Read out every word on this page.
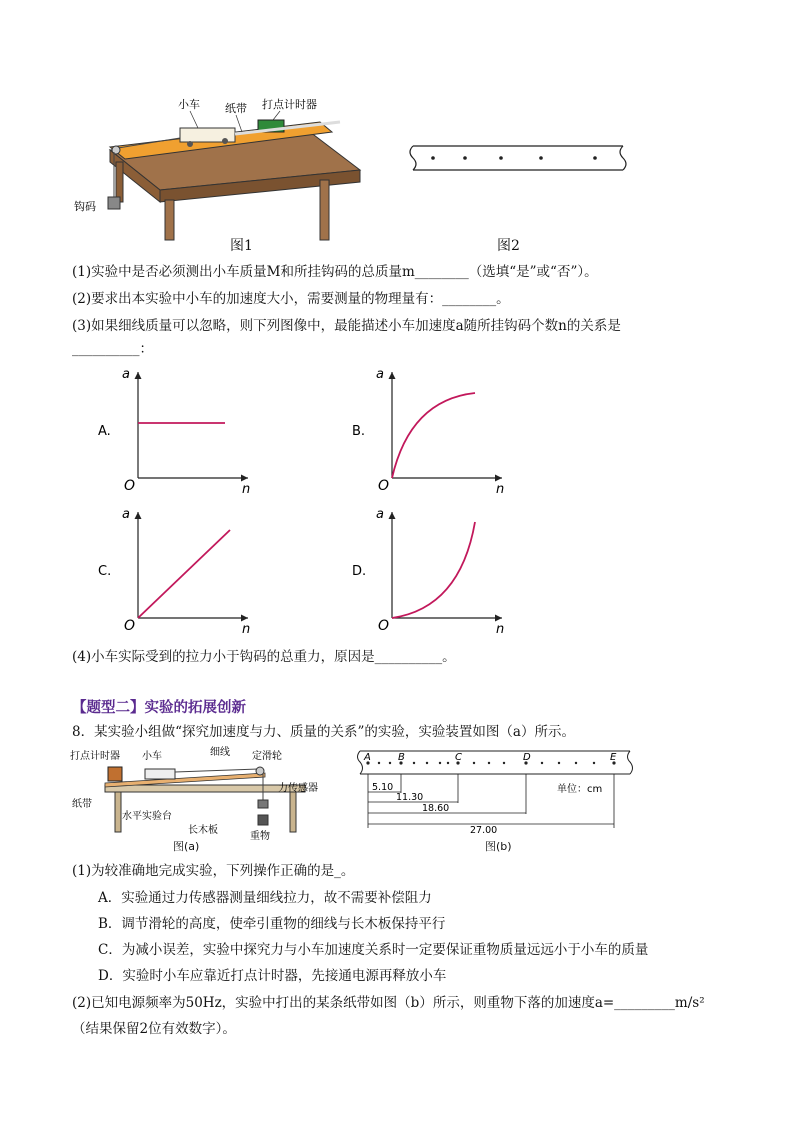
小车 纸带 打点计时器
钩码
图1	图2
(1)实验中是否必须测出小车质量M和所挂钩码的总质量m________（选填“是”或“否”）。
(2)要求出本实验中小车的加速度大小，需要测量的物理量有：________。
(3)如果细线质量可以忽略，则下列图像中，最能描述小车加速度a随所挂钩码个数n的关系是
__________：
A.
a
n
O
B.
a
n
O
C.
a
n
O
D.
a
n
O
(4)小车实际受到的拉力小于钩码的总重力，原因是__________。
【题型二】实验的拓展创新
8．某实验小组做“探究加速度与力、质量的关系”的实验，实验装置如图（a）所示。
打点计时器 小车	细线 定滑轮
力传感器
纸带
水平实验台
长木板
重物
图(a)
A	B	C	D	E
5.10
11.30
18.60
27.00
单位：cm
图(b)
(1)为较准确地完成实验，下列操作正确的是_。
A．实验通过力传感器测量细线拉力，故不需要补偿阻力
B．调节滑轮的高度，使牵引重物的细线与长木板保持平行
C．为减小误差，实验中探究力与小车加速度关系时一定要保证重物质量远远小于小车的质量
D．实验时小车应靠近打点计时器，先接通电源再释放小车
(2)已知电源频率为50Hz，实验中打出的某条纸带如图（b）所示，则重物下落的加速度a=_________m/s²
（结果保留2位有效数字）。
